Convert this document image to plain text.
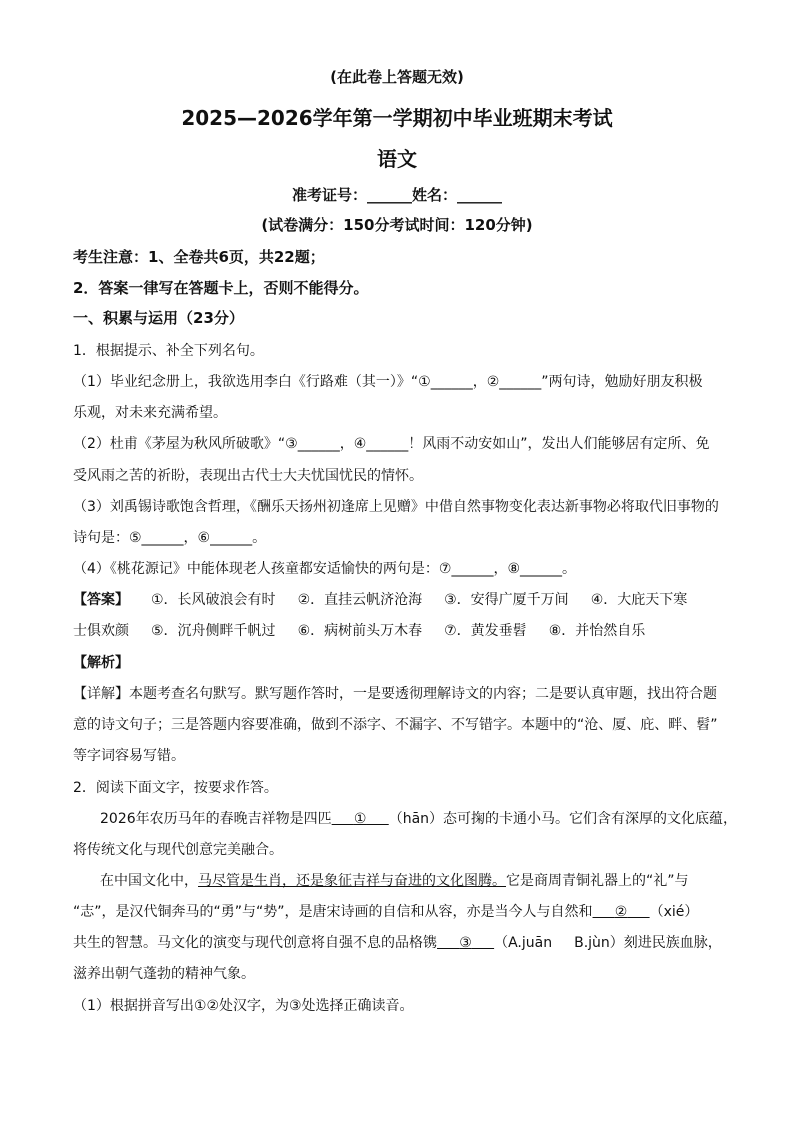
(在此卷上答题无效)
2025—2026学年第一学期初中毕业班期末考试
语文
准考证号：______姓名：______
(试卷满分：150分考试时间：120分钟)
考生注意：1、全卷共6页，共22题；
2．答案一律写在答题卡上，否则不能得分。
一、积累与运用（23分）
1．根据提示、补全下列名句。
（1）毕业纪念册上，我欲选用李白《行路难（其一）》“①______，②______”两句诗，勉励好朋友积极
乐观，对未来充满希望。
（2）杜甫《茅屋为秋风所破歌》“③______，④______！风雨不动安如山”，发出人们能够居有定所、免
受风雨之苦的祈盼，表现出古代士大夫忧国忧民的情怀。
（3）刘禹锡诗歌饱含哲理，《酬乐天扬州初逢席上见赠》中借自然事物变化表达新事物必将取代旧事物的
诗句是：⑤______，⑥______。
（4）《桃花源记》中能体现老人孩童都安适愉快的两句是：⑦______，⑧______。
【答案】 ①．长风破浪会有时 ②．直挂云帆济沧海 ③．安得广厦千万间 ④．大庇天下寒
士俱欢颜 ⑤．沉舟侧畔千帆过 ⑥．病树前头万木春 ⑦．黄发垂髫 ⑧．并怡然自乐
【解析】
【详解】本题考查名句默写。默写题作答时，一是要透彻理解诗文的内容；二是要认真审题，找出符合题
意的诗文句子；三是答题内容要准确，做到不添字、不漏字、不写错字。本题中的“沧、厦、庇、畔、髫”
等字词容易写错。
2．阅读下面文字，按要求作答。
2026年农历马年的春晚吉祥物是四匹 ① （hān）态可掬的卡通小马。它们含有深厚的文化底蕴，
将传统文化与现代创意完美融合。
在中国文化中，马尽管是生肖，还是象征吉祥与奋进的文化图腾。它是商周青铜礼器上的“礼”与
“志”，是汉代铜奔马的“勇”与“势”，是唐宋诗画的自信和从容，亦是当今人与自然和 ② （xié）
共生的智慧。马文化的演变与现代创意将自强不息的品格镌 ③ （A.juān B.jùn）刻进民族血脉，
滋养出朝气蓬勃的精神气象。
（1）根据拼音写出①②处汉字，为③处选择正确读音。
